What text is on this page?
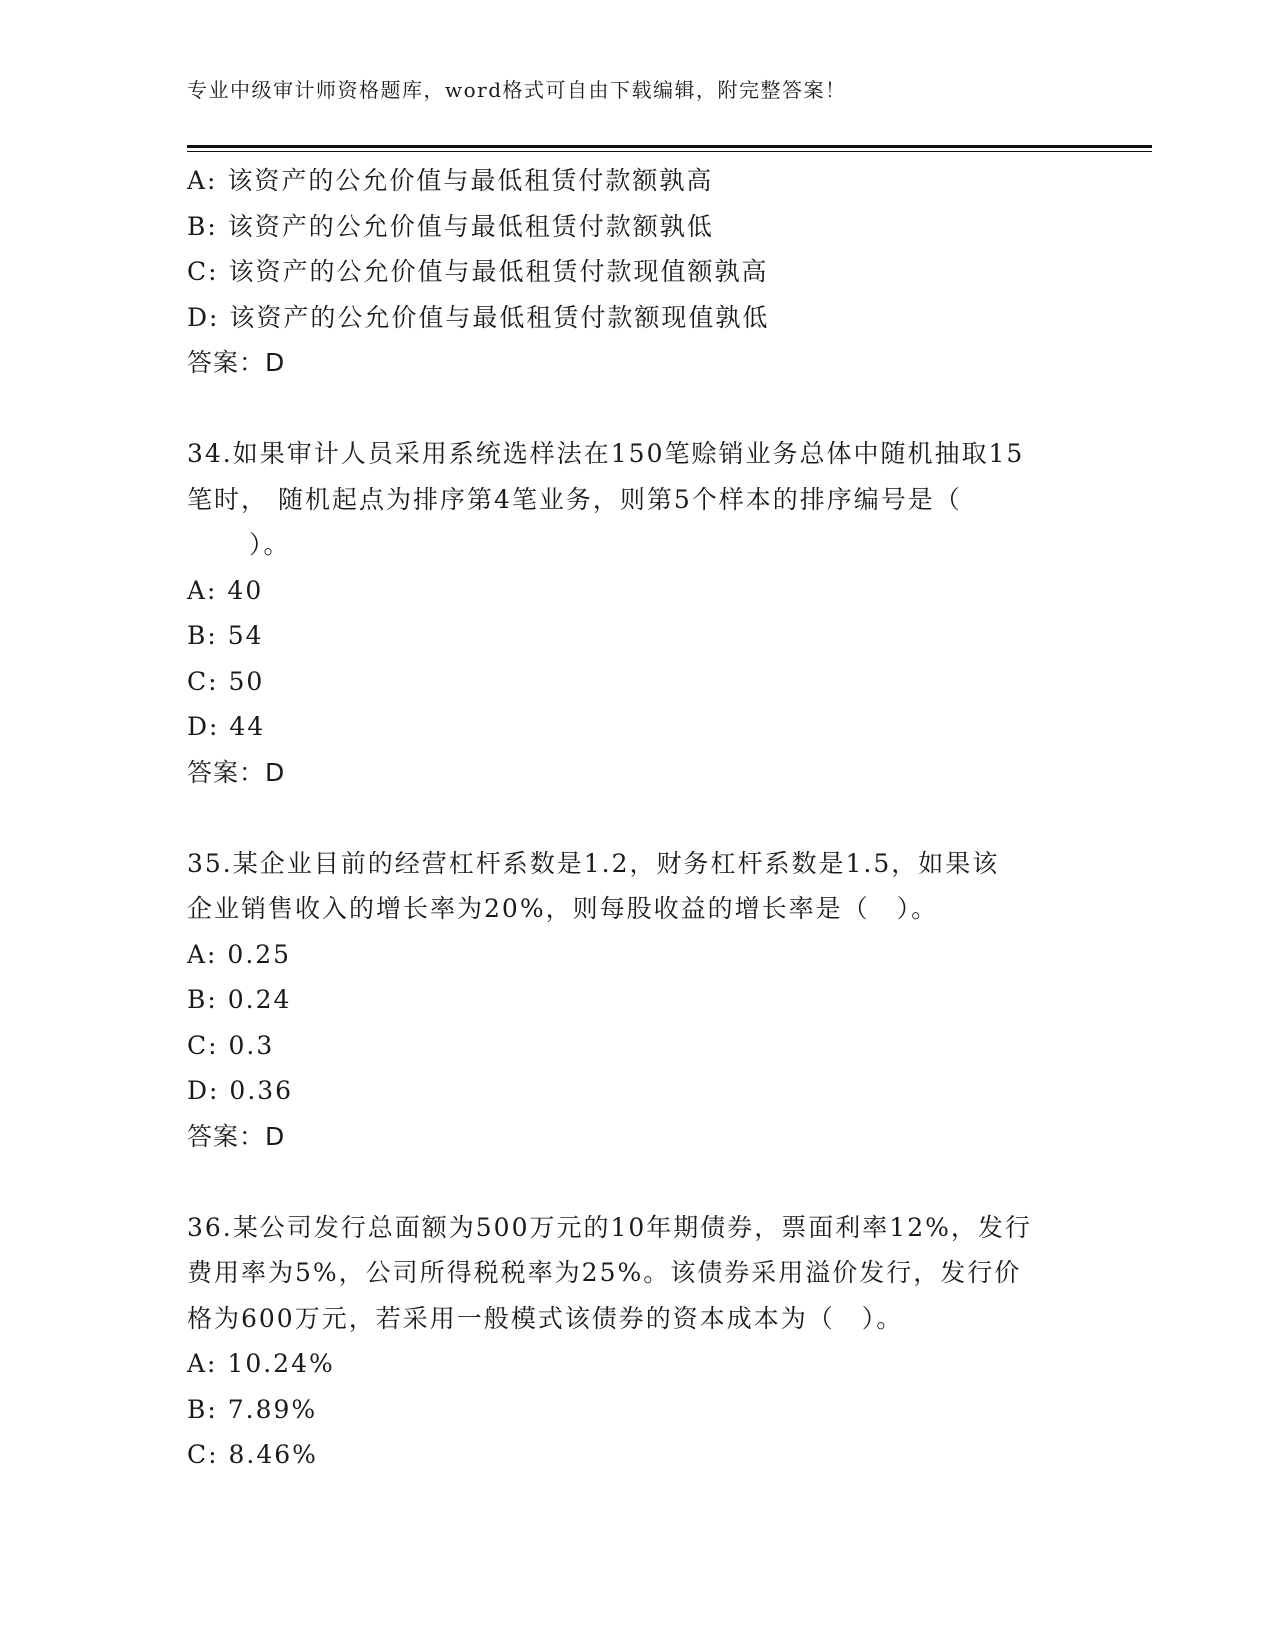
专业中级审计师资格题库，word格式可自由下载编辑，附完整答案！
A: 该资产的公允价值与最低租赁付款额孰高
B: 该资产的公允价值与最低租赁付款额孰低
C: 该资产的公允价值与最低租赁付款现值额孰高
D: 该资产的公允价值与最低租赁付款额现值孰低
答案：D
34.如果审计人员采用系统选样法在150笔赊销业务总体中随机抽取15
笔时， 随机起点为排序第4笔业务，则第5个样本的排序编号是（
）。
A: 40
B: 54
C: 50
D: 44
答案：D
35.某企业目前的经营杠杆系数是1.2，财务杠杆系数是1.5，如果该
企业销售收入的增长率为20%，则每股收益的增长率是（　）。
A: 0.25
B: 0.24
C: 0.3
D: 0.36
答案：D
36.某公司发行总面额为500万元的10年期债券，票面利率12%，发行
费用率为5%，公司所得税税率为25%。该债券采用溢价发行，发行价
格为600万元，若采用一般模式该债券的资本成本为（　）。
A: 10.24%
B: 7.89%
C: 8.46%
